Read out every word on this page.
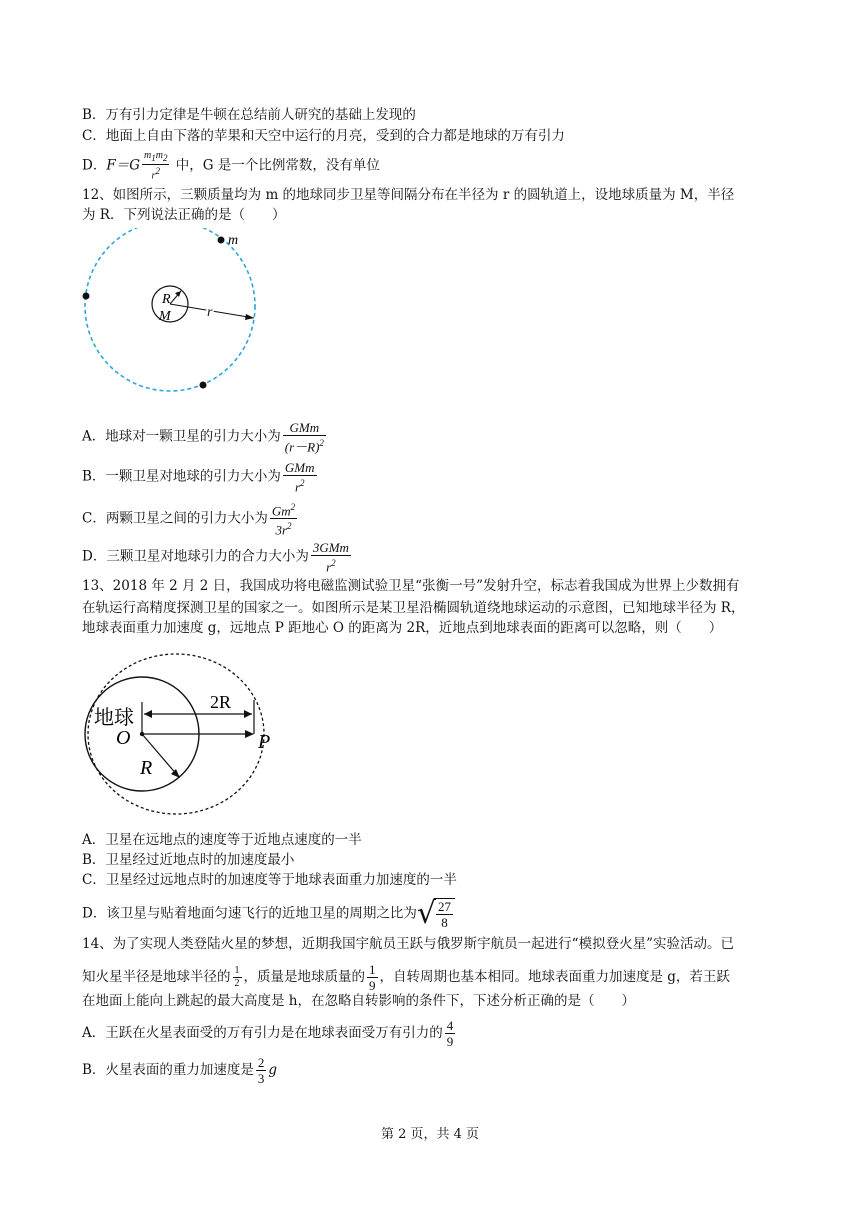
B．万有引力定律是牛顿在总结前人研究的基础上发现的
C．地面上自由下落的苹果和天空中运行的月亮，受到的合力都是地球的万有引力
D．$F=G \frac{m_1m_2}{r^2}$ 中，G 是一个比例常数，没有单位
12、如图所示，三颗质量均为 m 的地球同步卫星等间隔分布在半径为 r 的圆轨道上，设地球质量为 M，半径
为 R．下列说法正确的是（　　）
m
R
M	r
A．地球对一颗卫星的引力大小为 $\frac{\text{GMm}}{(r-R)^2}$
B．一颗卫星对地球的引力大小为 $\frac{\text{GMm}}{r^2}$
C．两颗卫星之间的引力大小为 $\frac{Gm^2}{3r^2}$
D．三颗卫星对地球引力的合力大小为 $\frac{\text{3GMm}}{r^2}$
13、2018 年 2 月 2 日，我国成功将电磁监测试验卫星“张衡一号”发射升空，标志着我国成为世界上少数拥有
在轨运行高精度探测卫星的国家之一。如图所示是某卫星沿椭圆轨道绕地球运动的示意图，已知地球半径为 R，
地球表面重力加速度 g，远地点 P 距地心 O 的距离为 2R，近地点到地球表面的距离可以忽略，则（　　）
地球
2R
O
R
P
A．卫星在远地点的速度等于近地点速度的一半
B．卫星经过近地点时的加速度最小
C．卫星经过远地点时的加速度等于地球表面重力加速度的一半
D．该卫星与贴着地面匀速飞行的近地卫星的周期之比为√ $\frac{27}{8}$
14、为了实现人类登陆火星的梦想，近期我国宇航员王跃与俄罗斯宇航员一起进行“模拟登火星”实验活动。已
知火星半径是地球半径的 $\frac{1}{2}$ ，质量是地球质量的 $\frac{1}{9}$ ，自转周期也基本相同。地球表面重力加速度是 g，若王跃
在地面上能向上跳起的最大高度是 h，在忽略自转影响的条件下，下述分析正确的是（　　）
A．王跃在火星表面受的万有引力是在地球表面受万有引力的 $\frac{4}{9}$
B．火星表面的重力加速度是 $\frac{2}{3}$ g
第 2 页，共 4 页
